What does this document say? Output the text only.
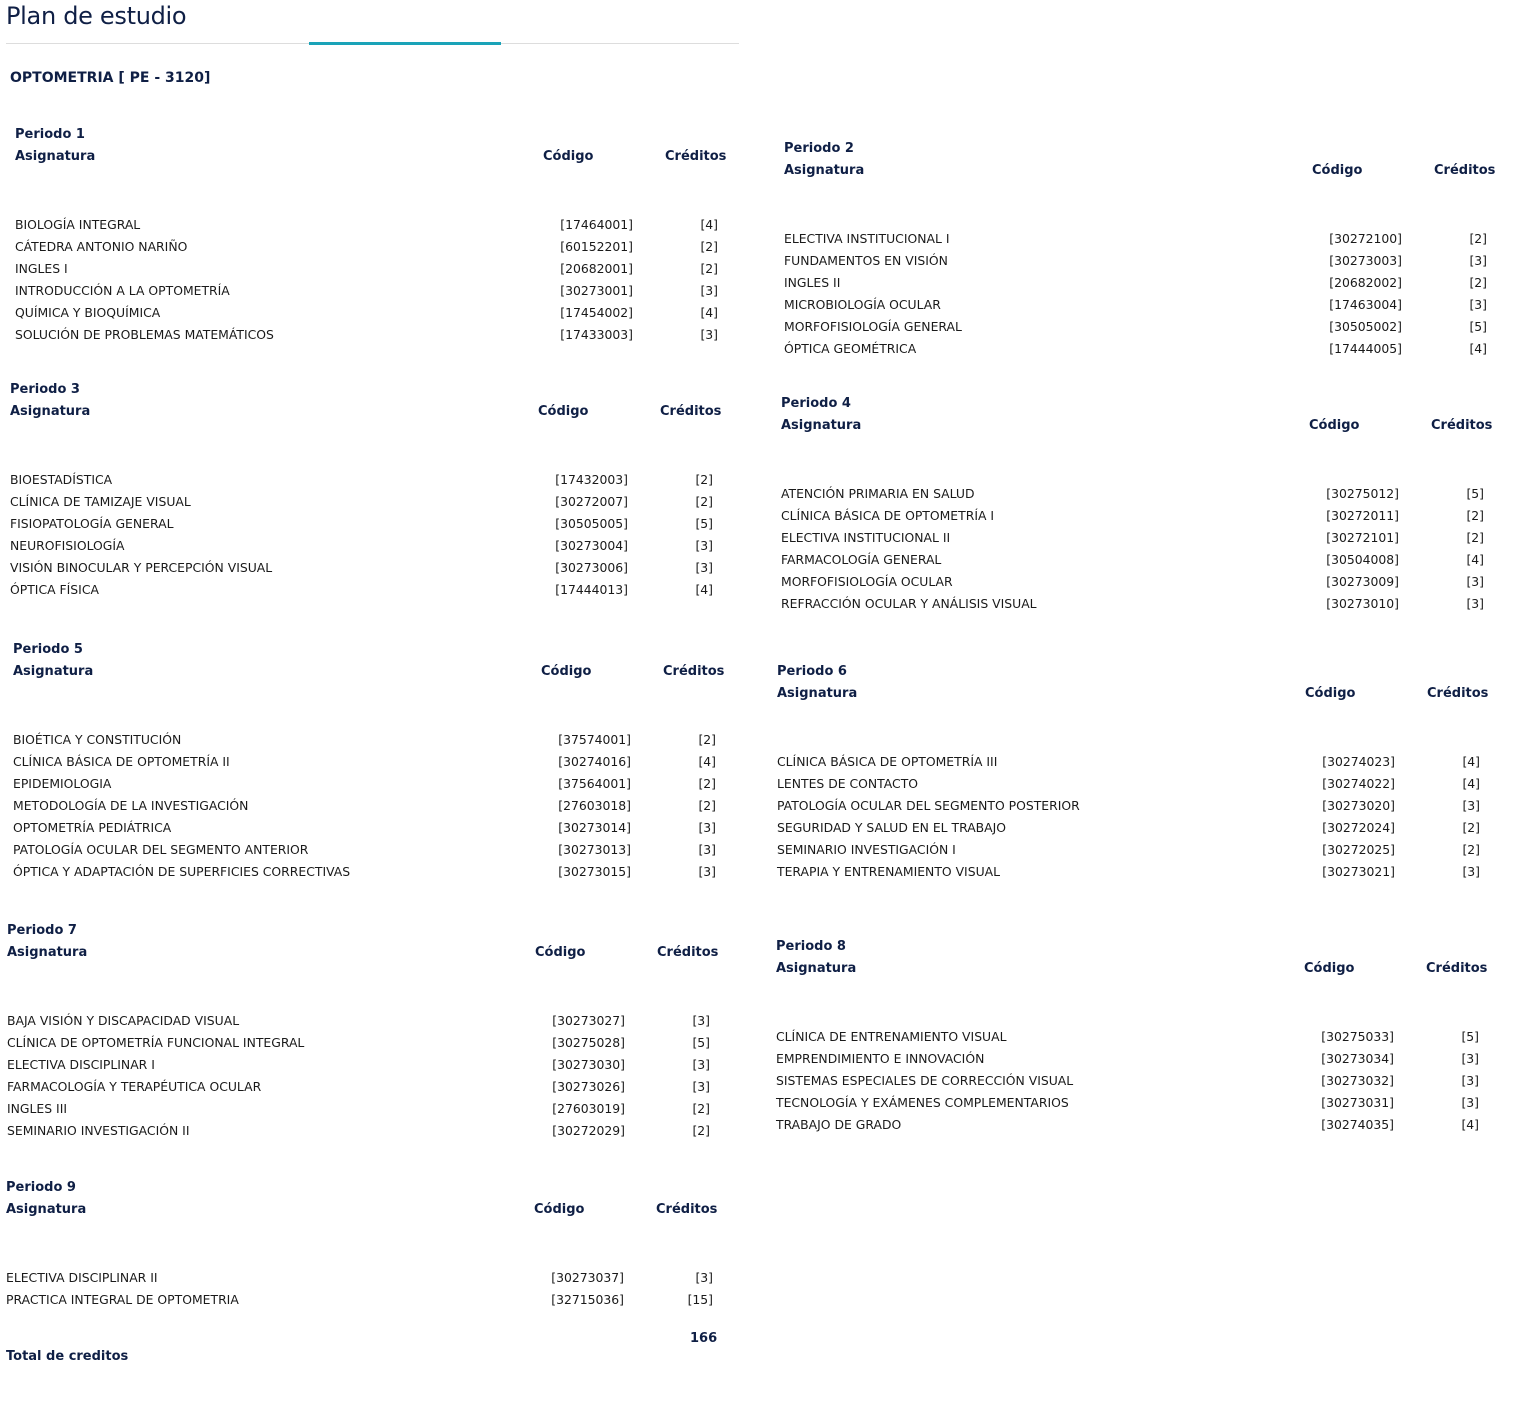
Plan de estudio
OPTOMETRIA [ PE - 3120]
Periodo 1
Asignatura	Código	Créditos
BIOLOGÍA INTEGRAL	[17464001]	[4]
CÁTEDRA ANTONIO NARIÑO	[60152201]	[2]
INGLES I	[20682001]	[2]
INTRODUCCIÓN A LA OPTOMETRÍA	[30273001]	[3]
QUÍMICA Y BIOQUÍMICA	[17454002]	[4]
SOLUCIÓN DE PROBLEMAS MATEMÁTICOS	[17433003]	[3]
Periodo 2
Asignatura	Código	Créditos
ELECTIVA INSTITUCIONAL I	[30272100]	[2]
FUNDAMENTOS EN VISIÓN	[30273003]	[3]
INGLES II	[20682002]	[2]
MICROBIOLOGÍA OCULAR	[17463004]	[3]
MORFOFISIOLOGÍA GENERAL	[30505002]	[5]
ÓPTICA GEOMÉTRICA	[17444005]	[4]
Periodo 3
Asignatura	Código	Créditos
BIOESTADÍSTICA	[17432003]	[2]
CLÍNICA DE TAMIZAJE VISUAL	[30272007]	[2]
FISIOPATOLOGÍA GENERAL	[30505005]	[5]
NEUROFISIOLOGÍA	[30273004]	[3]
VISIÓN BINOCULAR Y PERCEPCIÓN VISUAL	[30273006]	[3]
ÓPTICA FÍSICA	[17444013]	[4]
Periodo 4
Asignatura	Código	Créditos
ATENCIÓN PRIMARIA EN SALUD	[30275012]	[5]
CLÍNICA BÁSICA DE OPTOMETRÍA I	[30272011]	[2]
ELECTIVA INSTITUCIONAL II	[30272101]	[2]
FARMACOLOGÍA GENERAL	[30504008]	[4]
MORFOFISIOLOGÍA OCULAR	[30273009]	[3]
REFRACCIÓN OCULAR Y ANÁLISIS VISUAL	[30273010]	[3]
Periodo 5
Asignatura	Código	Créditos
BIOÉTICA Y CONSTITUCIÓN	[37574001]	[2]
CLÍNICA BÁSICA DE OPTOMETRÍA II	[30274016]	[4]
EPIDEMIOLOGIA	[37564001]	[2]
METODOLOGÍA DE LA INVESTIGACIÓN	[27603018]	[2]
OPTOMETRÍA PEDIÁTRICA	[30273014]	[3]
PATOLOGÍA OCULAR DEL SEGMENTO ANTERIOR	[30273013]	[3]
ÓPTICA Y ADAPTACIÓN DE SUPERFICIES CORRECTIVAS	[30273015]	[3]
Periodo 6
Asignatura	Código	Créditos
CLÍNICA BÁSICA DE OPTOMETRÍA III	[30274023]	[4]
LENTES DE CONTACTO	[30274022]	[4]
PATOLOGÍA OCULAR DEL SEGMENTO POSTERIOR	[30273020]	[3]
SEGURIDAD Y SALUD EN EL TRABAJO	[30272024]	[2]
SEMINARIO INVESTIGACIÓN I	[30272025]	[2]
TERAPIA Y ENTRENAMIENTO VISUAL	[30273021]	[3]
Periodo 7
Asignatura	Código	Créditos
BAJA VISIÓN Y DISCAPACIDAD VISUAL	[30273027]	[3]
CLÍNICA DE OPTOMETRÍA FUNCIONAL INTEGRAL	[30275028]	[5]
ELECTIVA DISCIPLINAR I	[30273030]	[3]
FARMACOLOGÍA Y TERAPÉUTICA OCULAR	[30273026]	[3]
INGLES III	[27603019]	[2]
SEMINARIO INVESTIGACIÓN II	[30272029]	[2]
Periodo 8
Asignatura	Código	Créditos
CLÍNICA DE ENTRENAMIENTO VISUAL	[30275033]	[5]
EMPRENDIMIENTO E INNOVACIÓN	[30273034]	[3]
SISTEMAS ESPECIALES DE CORRECCIÓN VISUAL	[30273032]	[3]
TECNOLOGÍA Y EXÁMENES COMPLEMENTARIOS	[30273031]	[3]
TRABAJO DE GRADO	[30274035]	[4]
Periodo 9
Asignatura	Código	Créditos
ELECTIVA DISCIPLINAR II	[30273037]	[3]
PRACTICA INTEGRAL DE OPTOMETRIA	[32715036]	[15]
166
Total de creditos
